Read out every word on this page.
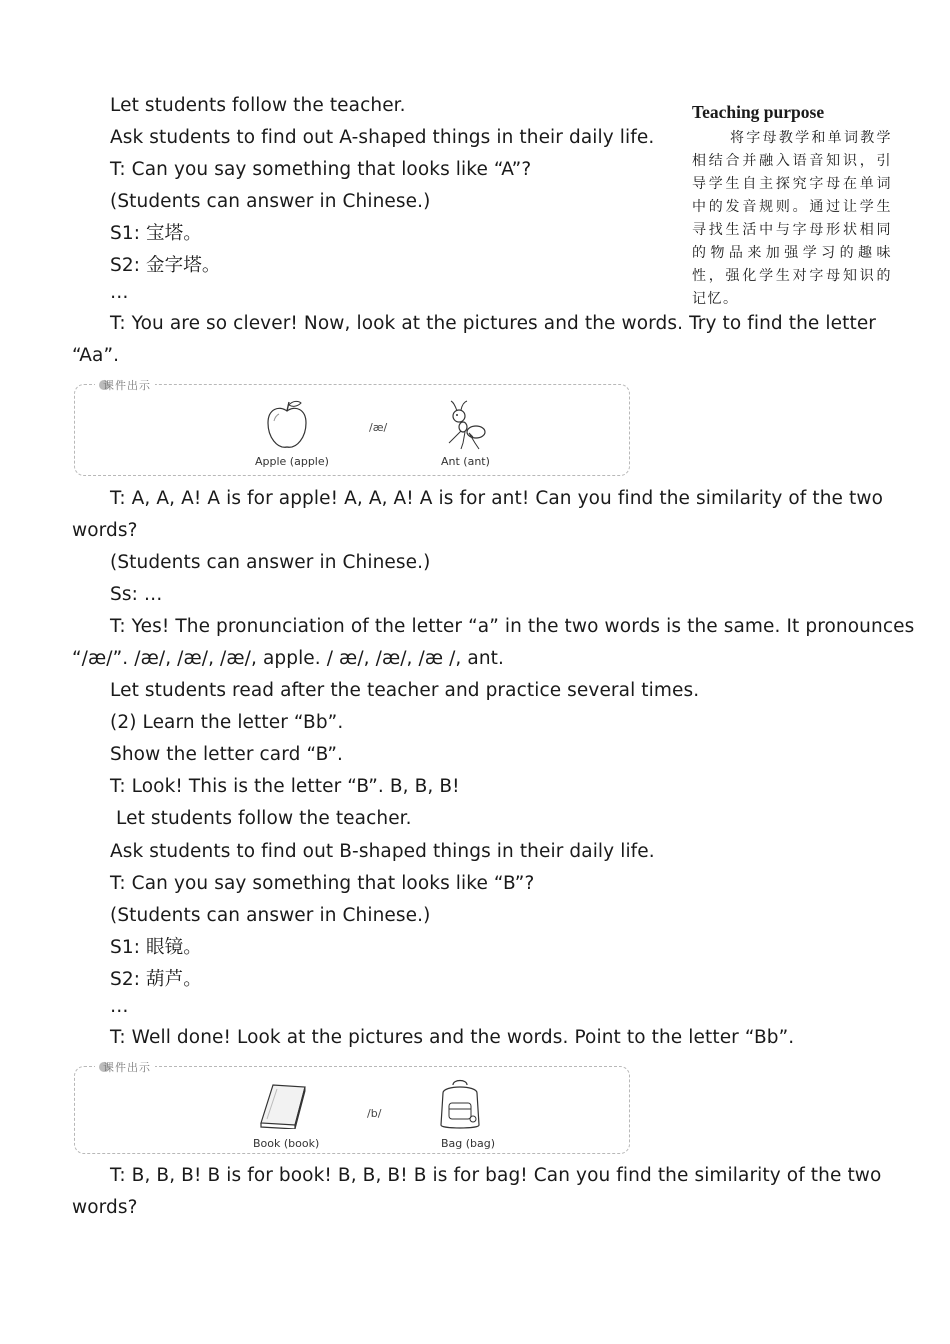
Teaching purpose
将字母教学和单词教学相结合并融入语音知识，引导学生自主探究字母在单词中的发音规则。通过让学生寻找生活中与字母形状相同的物品来加强学习的趣味性，强化学生对字母知识的记忆。
Let students follow the teacher.
Ask students to find out A-shaped things in their daily life.
T: Can you say something that looks like “A”?
(Students can answer in Chinese.)
S1: 宝塔。
S2: 金字塔。
…
T: You are so clever! Now, look at the pictures and the words. Try to find the letter
“Aa”.
课件出示
Apple (apple)
/æ/
Ant (ant)
T: A, A, A! A is for apple! A, A, A! A is for ant! Can you find the similarity of the two
words?
(Students can answer in Chinese.)
Ss: …
T: Yes! The pronunciation of the letter “a” in the two words is the same. It pronounces
“/æ/”. /æ/, /æ/, /æ/, apple. / æ/, /æ/, /æ /, ant.
Let students read after the teacher and practice several times.
(2) Learn the letter “Bb”.
Show the letter card “B”.
T: Look! This is the letter “B”. B, B, B!
Let students follow the teacher.
Ask students to find out B-shaped things in their daily life.
T: Can you say something that looks like “B”?
(Students can answer in Chinese.)
S1: 眼镜。
S2: 葫芦。
…
T: Well done! Look at the pictures and the words. Point to the letter “Bb”.
课件出示
Book (book)
/b/
Bag (bag)
T: B, B, B! B is for book! B, B, B! B is for bag! Can you find the similarity of the two
words?
